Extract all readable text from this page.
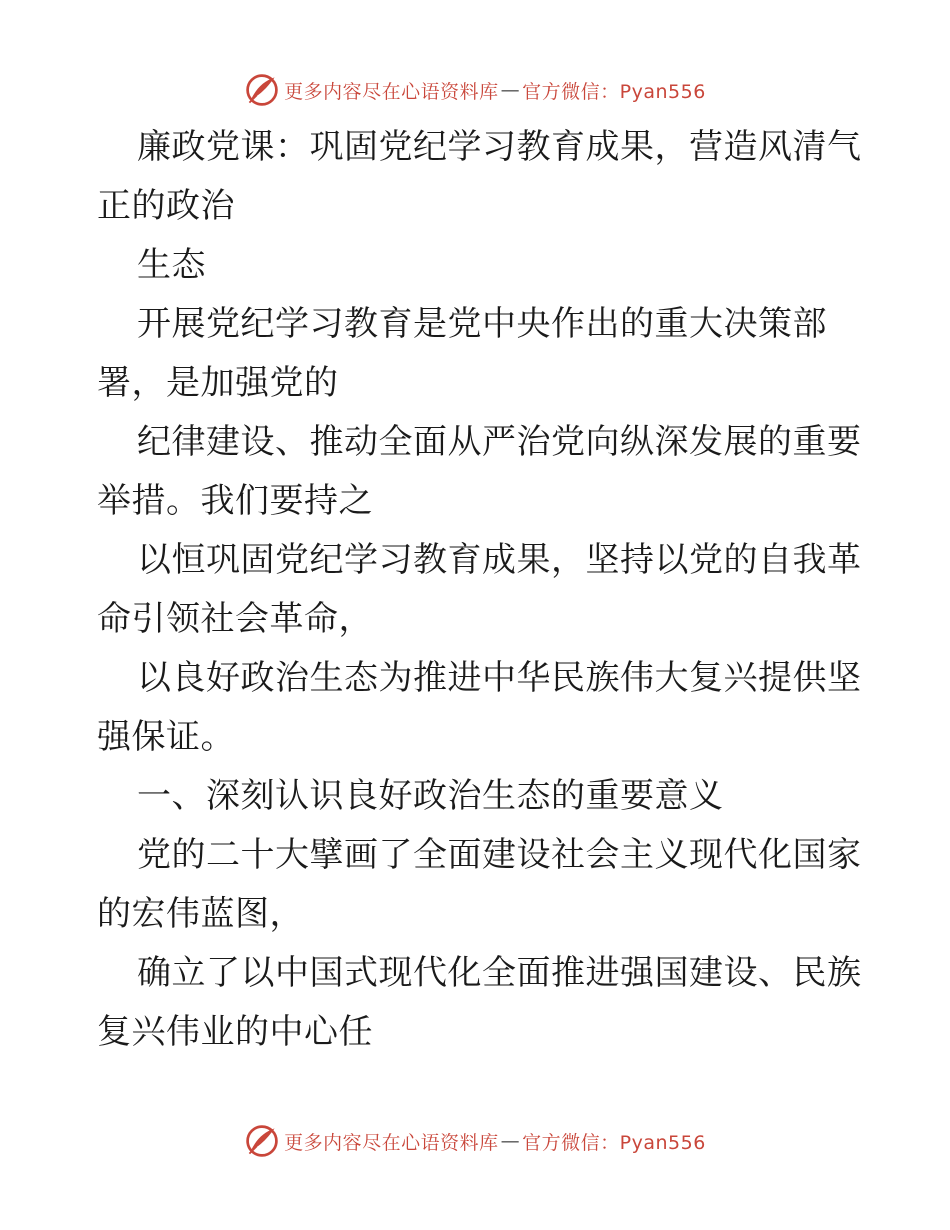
更多内容尽在心语资料库 — 官方微信：Pyan556
廉政党课：巩固党纪学习教育成果，营造风清气
正的政治
生态
开展党纪学习教育是党中央作出的重大决策部
署，是加强党的
纪律建设、推动全面从严治党向纵深发展的重要
举措。我们要持之
以恒巩固党纪学习教育成果，坚持以党的自我革
命引领社会革命，
以良好政治生态为推进中华民族伟大复兴提供坚
强保证。
一、深刻认识良好政治生态的重要意义
党的二十大擘画了全面建设社会主义现代化国家
的宏伟蓝图，
确立了以中国式现代化全面推进强国建设、民族
复兴伟业的中心任
更多内容尽在心语资料库 — 官方微信：Pyan556
